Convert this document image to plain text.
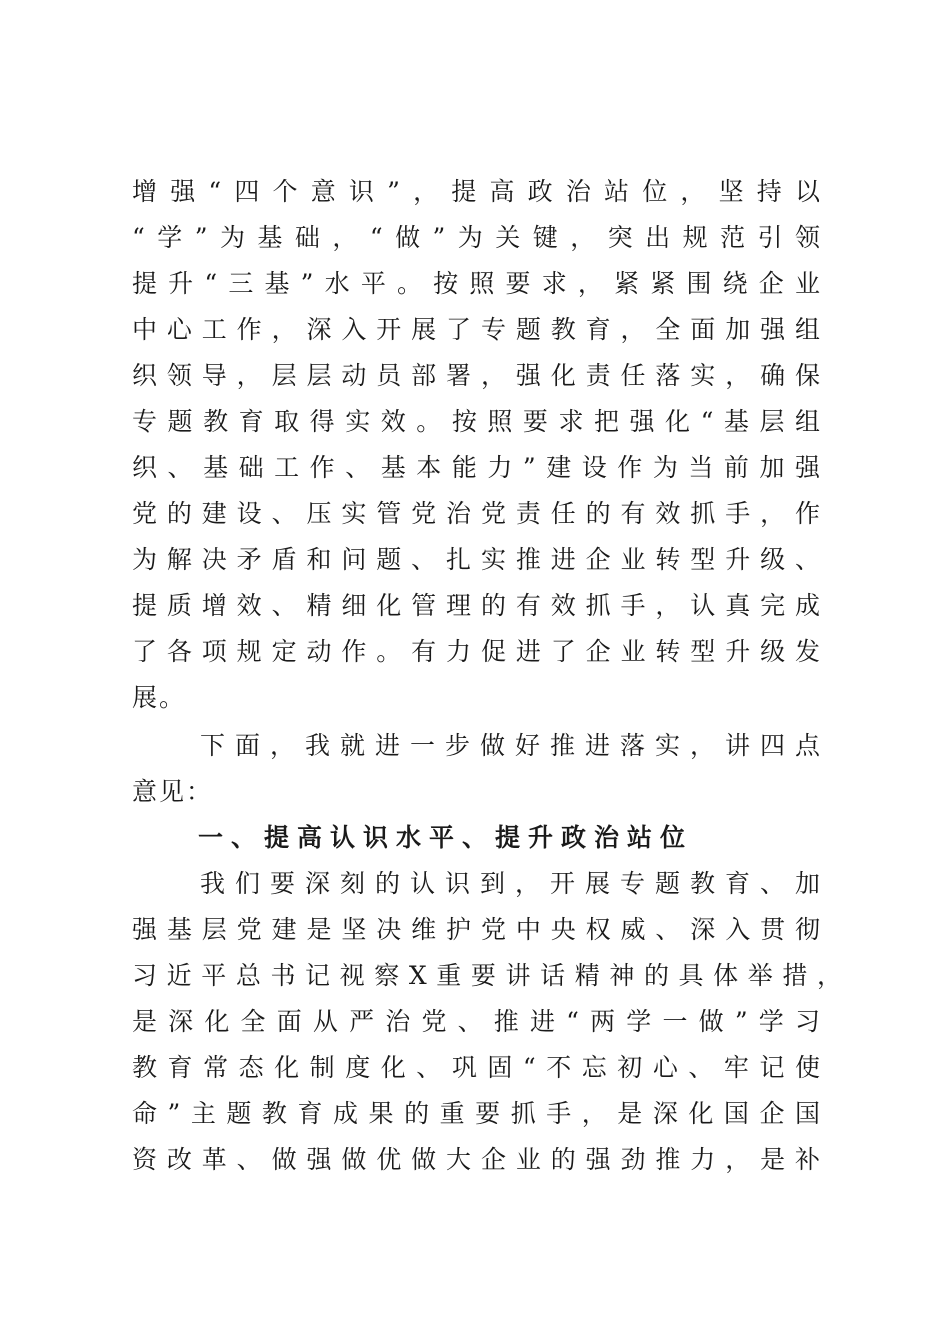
增强“四个意识”，提高政治站位，坚持以
“学”为基础，“做”为关键，突出规范引领
提升“三基”水平。按照要求，紧紧围绕企业
中心工作，深入开展了专题教育，全面加强组
织领导，层层动员部署，强化责任落实，确保
专题教育取得实效。按照要求把强化“基层组
织、基础工作、基本能力”建设作为当前加强
党的建设、压实管党治党责任的有效抓手，作
为解决矛盾和问题、扎实推进企业转型升级、
提质增效、精细化管理的有效抓手，认真完成
了各项规定动作。有力促进了企业转型升级发
展。
下面，我就进一步做好推进落实，讲四点
意见：
一、提高认识水平、提升政治站位
我们要深刻的认识到，开展专题教育、加
强基层党建是坚决维护党中央权威、深入贯彻
习近平总书记视察X重要讲话精神的具体举措，
是深化全面从严治党、推进“两学一做”学习
教育常态化制度化、巩固“不忘初心、牢记使
命”主题教育成果的重要抓手，是深化国企国
资改革、做强做优做大企业的强劲推力，是补
